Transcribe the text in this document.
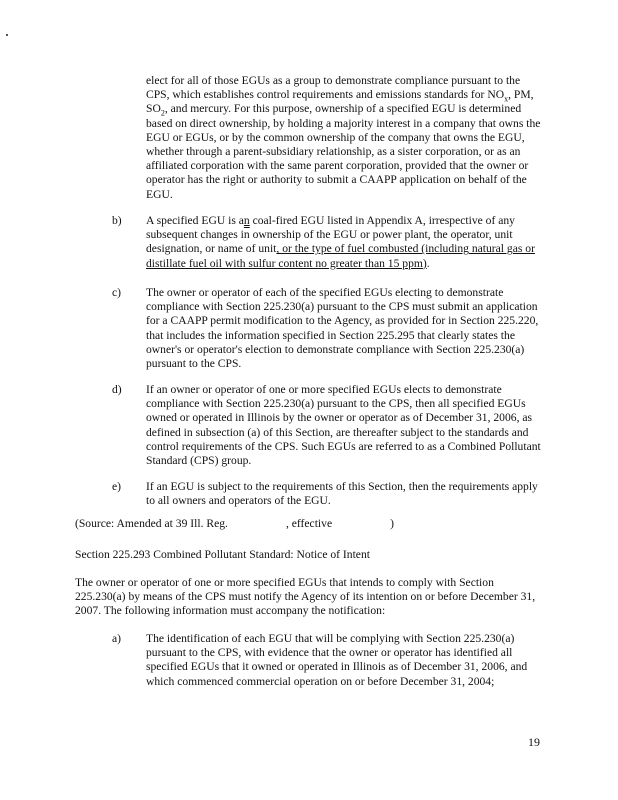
elect for all of those EGUs as a group to demonstrate compliance pursuant to the CPS, which establishes control requirements and emissions standards for $NO_x$, PM, $SO_2$, and mercury. For this purpose, ownership of a specified EGU is determined based on direct ownership, by holding a majority interest in a company that owns the EGU or EGUs, or by the common ownership of the company that owns the EGU, whether through a parent-subsidiary relationship, as a sister corporation, or as an affiliated corporation with the same parent corporation, provided that the owner or operator has the right or authority to submit a CAAPP application on behalf of the EGU.

b) A specified EGU is an coal-fired EGU listed in Appendix A, irrespective of any subsequent changes in ownership of the EGU or power plant, the operator, unit designation, or name of unit, or the type of fuel combusted (including natural gas or distillate fuel oil with sulfur content no greater than 15 ppm).

c) The owner or operator of each of the specified EGUs electing to demonstrate compliance with Section 225.230(a) pursuant to the CPS must submit an application for a CAAPP permit modification to the Agency, as provided for in Section 225.220, that includes the information specified in Section 225.295 that clearly states the owner's or operator's election to demonstrate compliance with Section 225.230(a) pursuant to the CPS.

d) If an owner or operator of one or more specified EGUs elects to demonstrate compliance with Section 225.230(a) pursuant to the CPS, then all specified EGUs owned or operated in Illinois by the owner or operator as of December 31, 2006, as defined in subsection (a) of this Section, are thereafter subject to the standards and control requirements of the CPS. Such EGUs are referred to as a Combined Pollutant Standard (CPS) group.

e) If an EGU is subject to the requirements of this Section, then the requirements apply to all owners and operators of the EGU.

(Source: Amended at 39 Ill. Reg.	, effective	)
Section 225.293 Combined Pollutant Standard: Notice of Intent

The owner or operator of one or more specified EGUs that intends to comply with Section 225.230(a) by means of the CPS must notify the Agency of its intention on or before December 31, 2007. The following information must accompany the notification:

a) The identification of each EGU that will be complying with Section 225.230(a) pursuant to the CPS, with evidence that the owner or operator has identified all specified EGUs that it owned or operated in Illinois as of December 31, 2006, and which commenced commercial operation on or before December 31, 2004;

19
